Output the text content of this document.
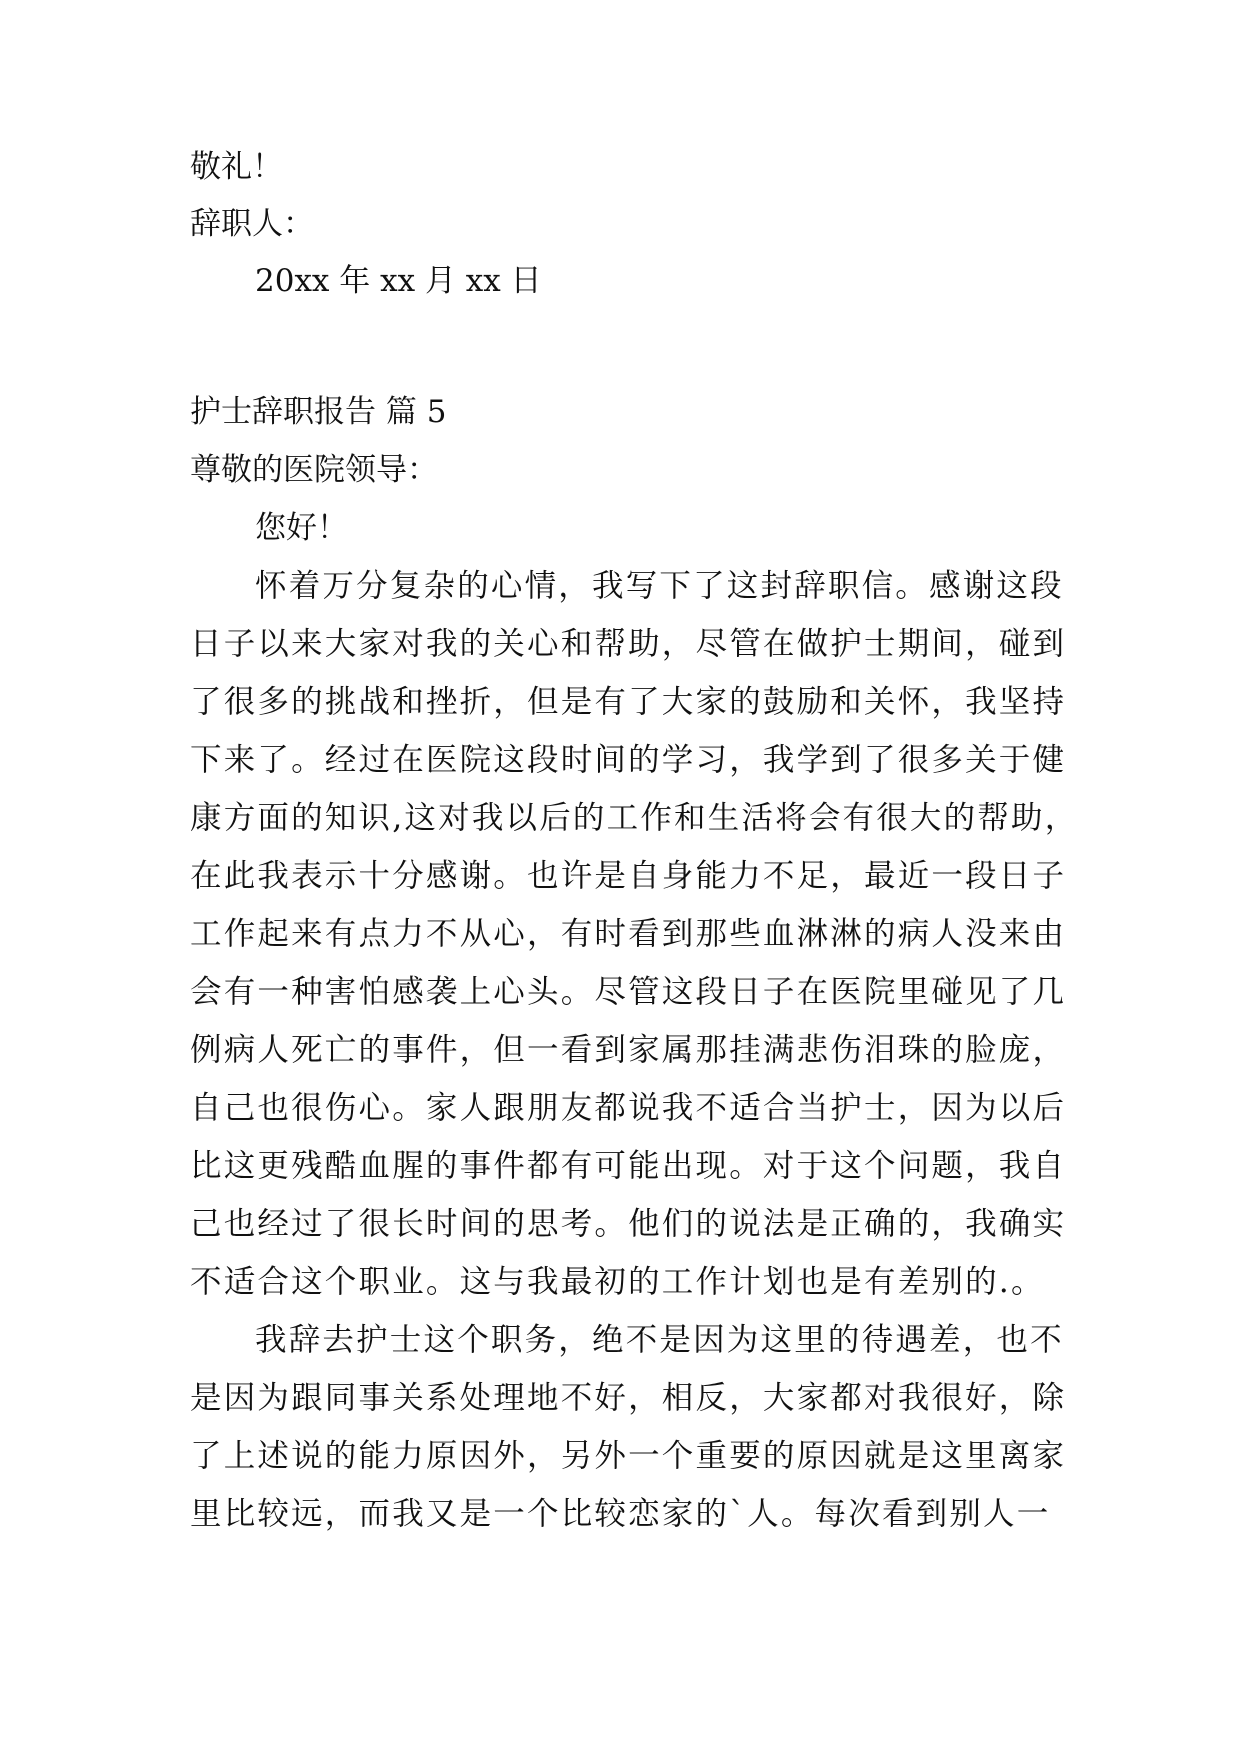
敬礼！
辞职人：
20xx 年 xx 月 xx 日
护士辞职报告 篇 5
尊敬的医院领导：
您好！
怀着万分复杂的心情，我写下了这封辞职信。感谢这段
日子以来大家对我的关心和帮助，尽管在做护士期间，碰到
了很多的挑战和挫折，但是有了大家的鼓励和关怀，我坚持
下来了。经过在医院这段时间的学习，我学到了很多关于健
康方面的知识,这对我以后的工作和生活将会有很大的帮助，
在此我表示十分感谢。也许是自身能力不足，最近一段日子
工作起来有点力不从心，有时看到那些血淋淋的病人没来由
会有一种害怕感袭上心头。尽管这段日子在医院里碰见了几
例病人死亡的事件，但一看到家属那挂满悲伤泪珠的脸庞，
自己也很伤心。家人跟朋友都说我不适合当护士，因为以后
比这更残酷血腥的事件都有可能出现。对于这个问题，我自
己也经过了很长时间的思考。他们的说法是正确的，我确实
不适合这个职业。这与我最初的工作计划也是有差别的.。
我辞去护士这个职务，绝不是因为这里的待遇差，也不
是因为跟同事关系处理地不好，相反，大家都对我很好，除
了上述说的能力原因外，另外一个重要的原因就是这里离家
里比较远，而我又是一个比较恋家的`人。每次看到别人一
